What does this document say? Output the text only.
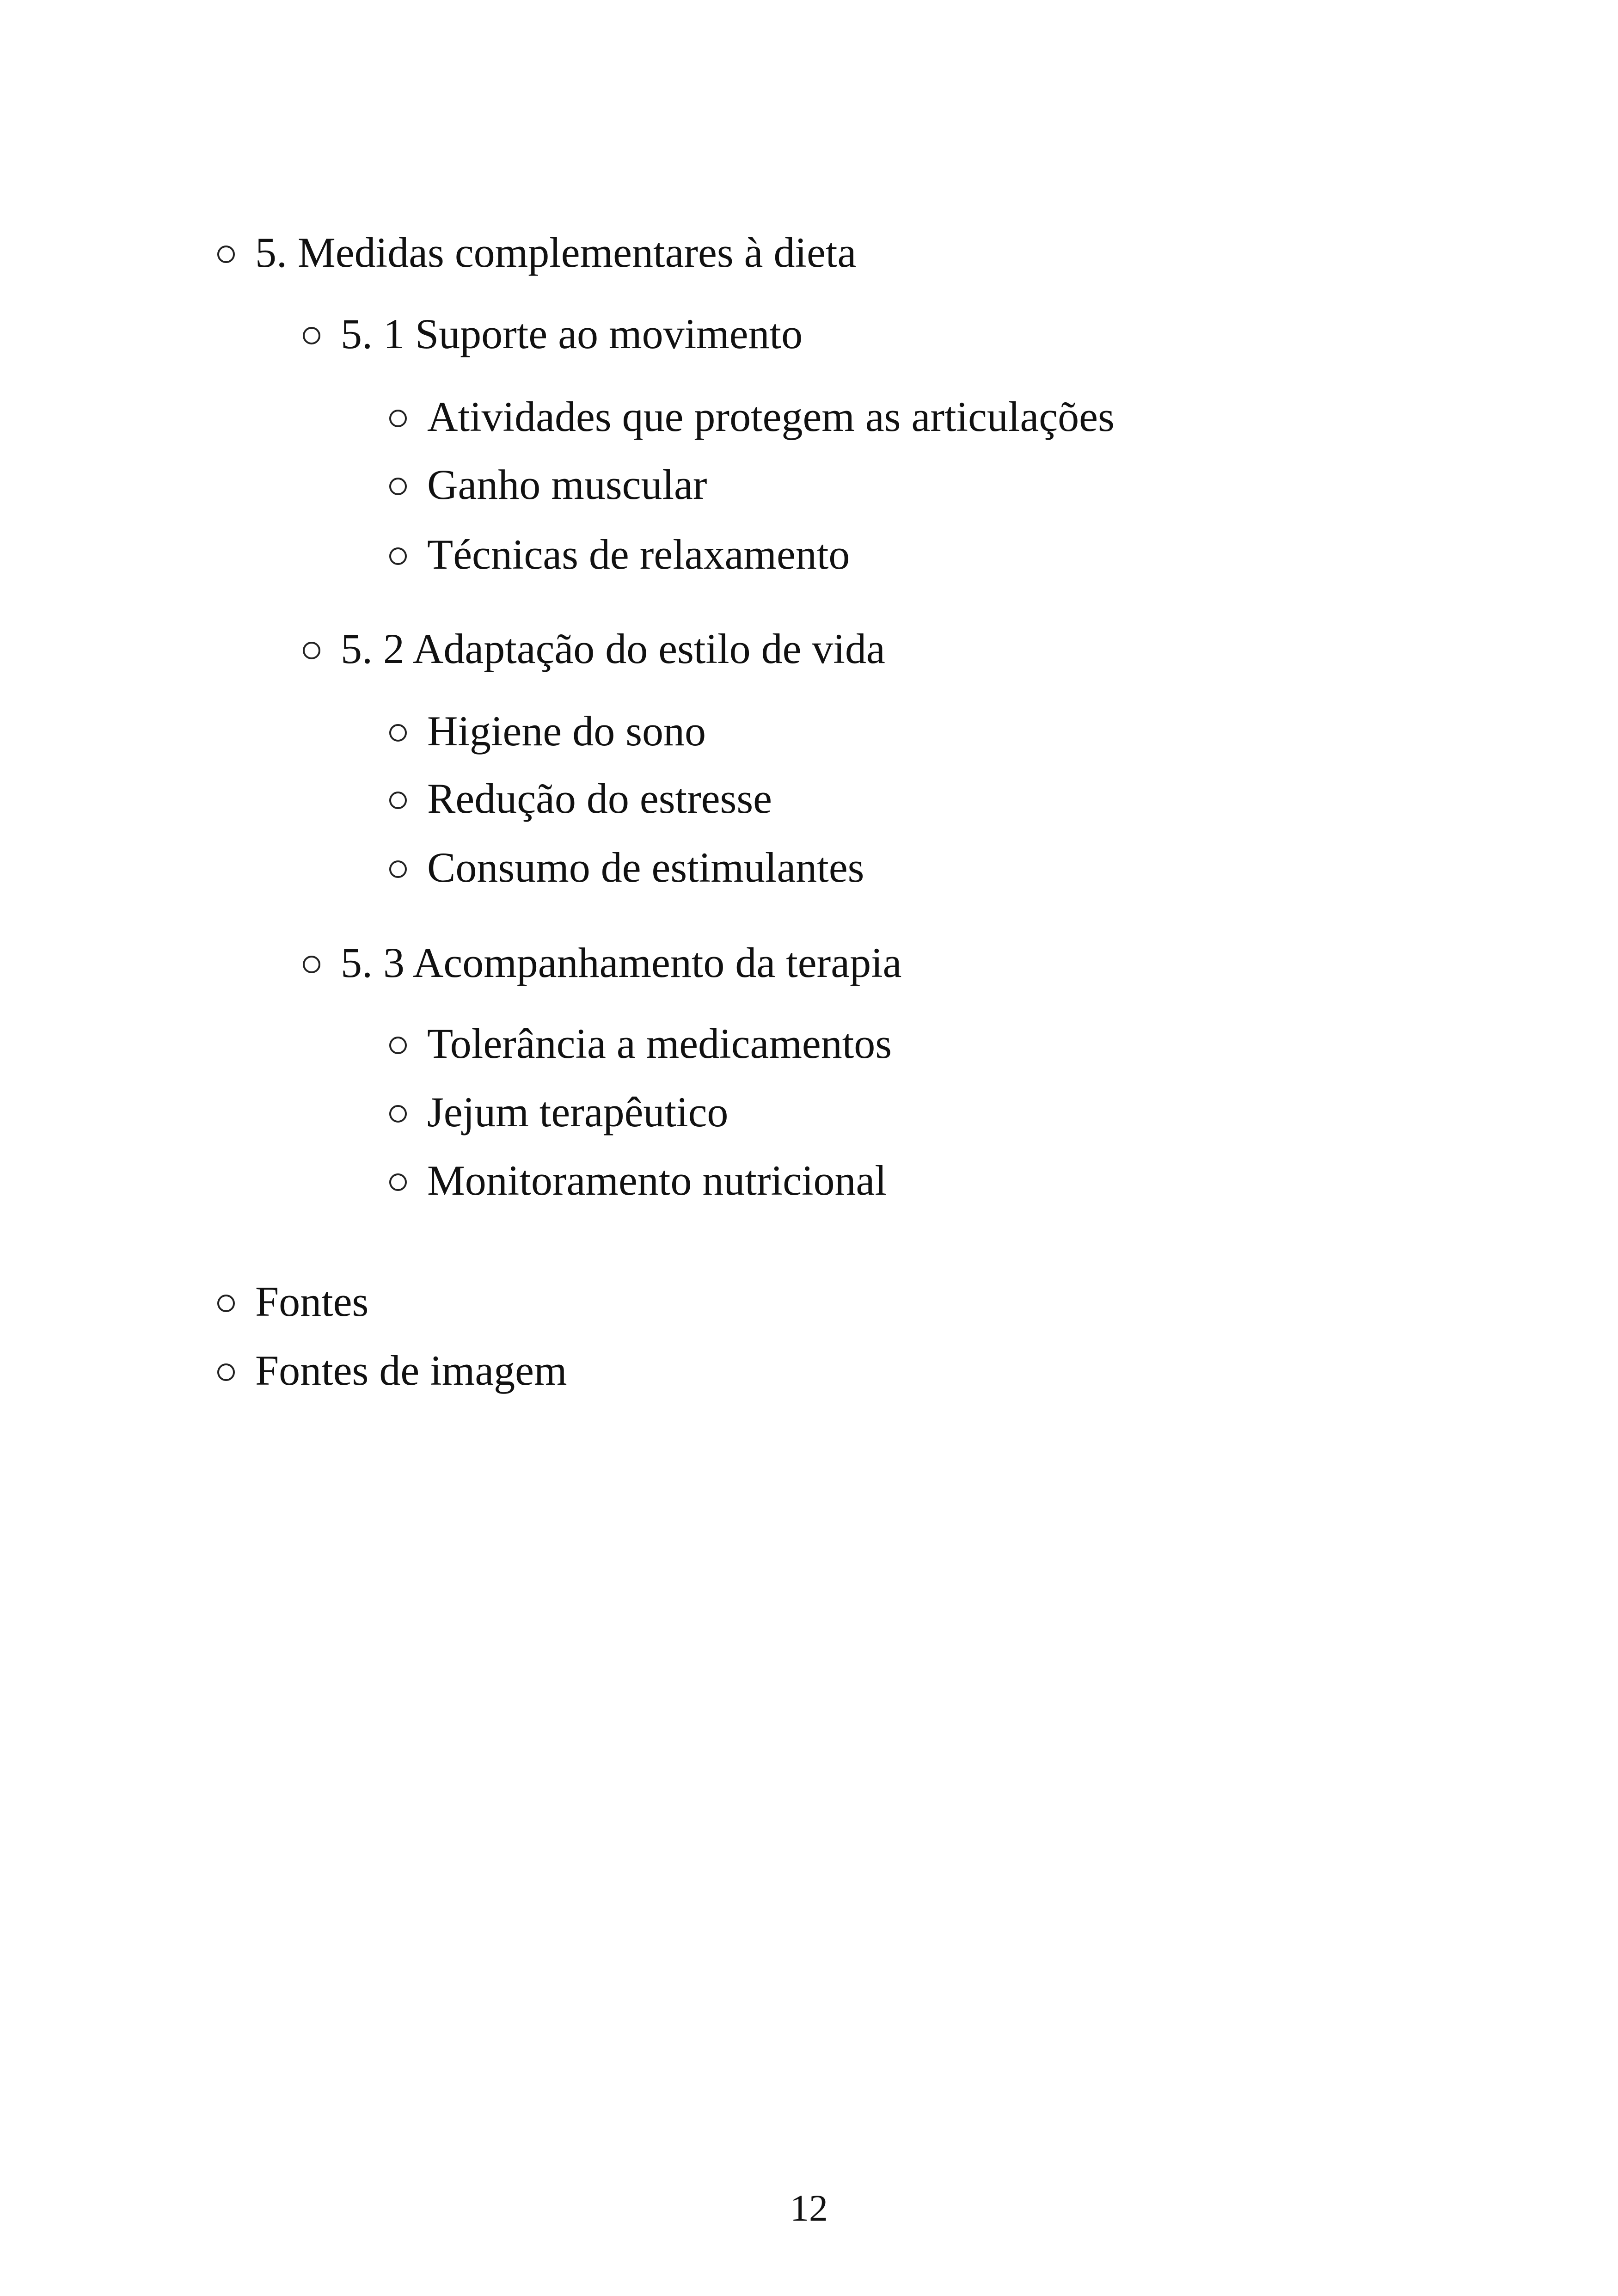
5. Medidas complementares à dieta
5. 1 Suporte ao movimento
Atividades que protegem as articulações
Ganho muscular
Técnicas de relaxamento
5. 2 Adaptação do estilo de vida
Higiene do sono
Redução do estresse
Consumo de estimulantes
5. 3 Acompanhamento da terapia
Tolerância a medicamentos
Jejum terapêutico
Monitoramento nutricional
Fontes
Fontes de imagem
12
